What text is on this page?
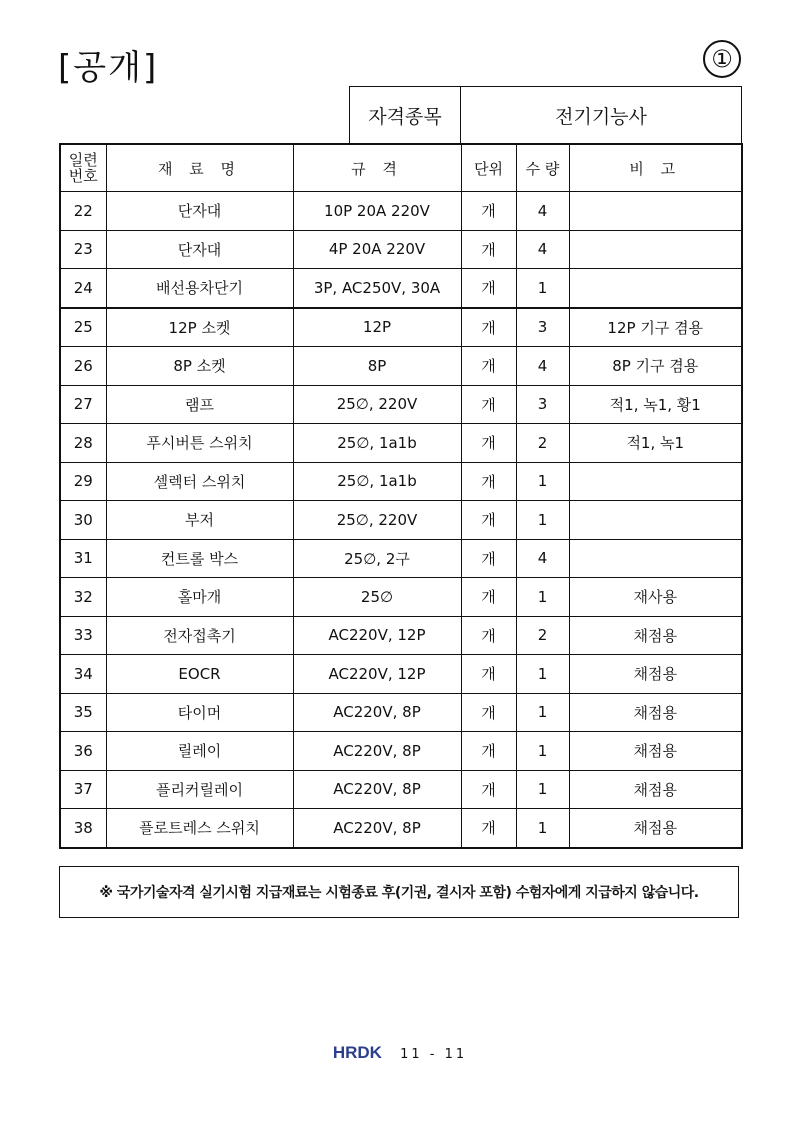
[공개]	①
자격종목	전기기능사
일련
번호	재 료 명	규 격	단위	수 량	비 고
22	단자대	10P 20A 220V	개	4	
23	단자대	4P 20A 220V	개	4	
24	배선용차단기	3P, AC250V, 30A	개	1	
25	12P 소켓	12P	개	3	12P 기구 겸용
26	8P 소켓	8P	개	4	8P 기구 겸용
27	램프	25∅, 220V	개	3	적1, 녹1, 황1
28	푸시버튼 스위치	25∅, 1a1b	개	2	적1, 녹1
29	셀렉터 스위치	25∅, 1a1b	개	1	
30	부저	25∅, 220V	개	1	
31	컨트롤 박스	25∅, 2구	개	4	
32	홀마개	25∅	개	1	재사용
33	전자접촉기	AC220V, 12P	개	2	채점용
34	EOCR	AC220V, 12P	개	1	채점용
35	타이머	AC220V, 8P	개	1	채점용
36	릴레이	AC220V, 8P	개	1	채점용
37	플리커릴레이	AC220V, 8P	개	1	채점용
38	플로트레스 스위치	AC220V, 8P	개	1	채점용
※ 국가기술자격 실기시험 지급재료는 시험종료 후(기권, 결시자 포함) 수험자에게 지급하지 않습니다.
HRDK 11 - 11
